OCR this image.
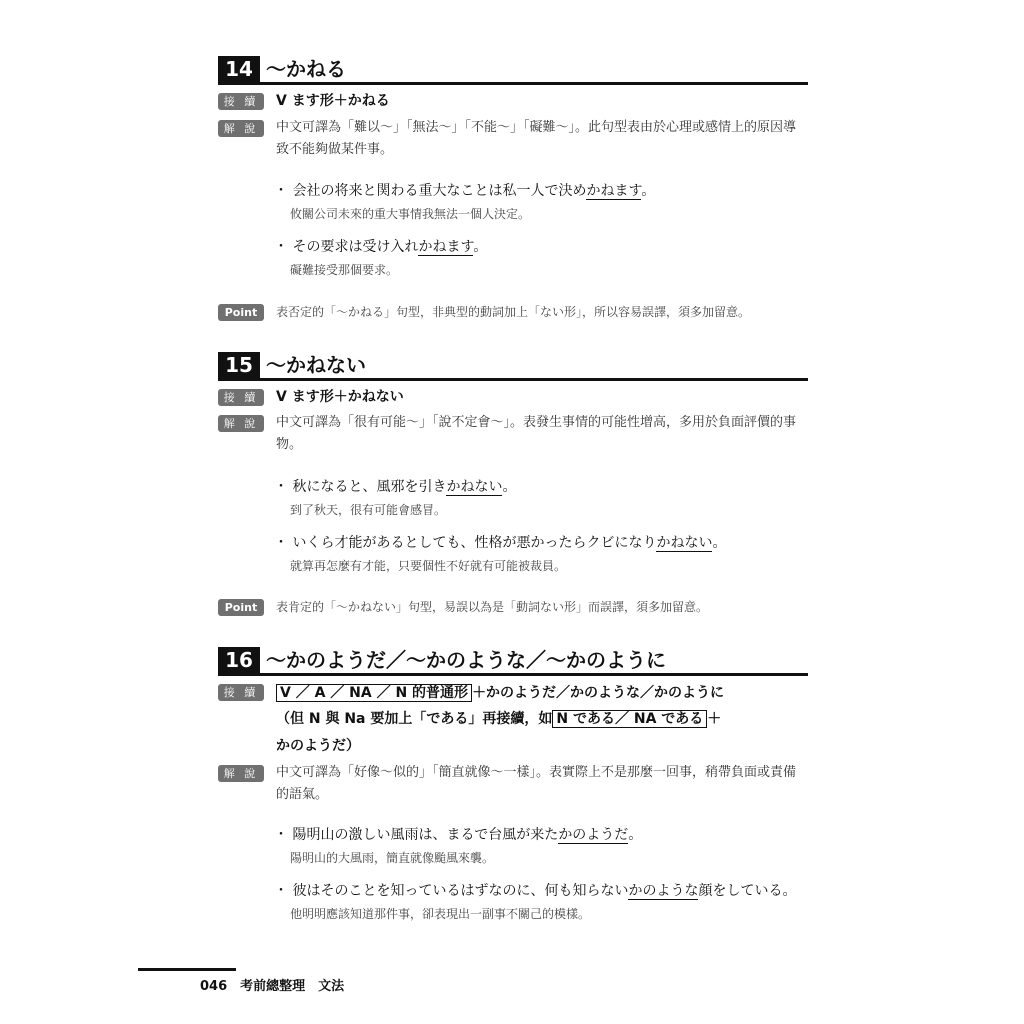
14 ～かねる
接 續	V ます形＋かねる
解 說	中文可譯為「難以～」「無法～」「不能～」「礙難～」。此句型表由於心理或感情上的原因導致不能夠做某件事。
・ 会社の将来と関わる重大なことは私一人で決めかねます。
攸關公司未來的重大事情我無法一個人決定。
・ その要求は受け入れかねます。
礙難接受那個要求。
Point	表否定的「～かねる」句型，非典型的動詞加上「ない形」，所以容易誤譯，須多加留意。
15 ～かねない
接 續	V ます形＋かねない
解 說	中文可譯為「很有可能～」「說不定會～」。表發生事情的可能性增高，多用於負面評價的事物。
・ 秋になると、風邪を引きかねない。
到了秋天，很有可能會感冒。
・ いくら才能があるとしても、性格が悪かったらクビになりかねない。
就算再怎麼有才能，只要個性不好就有可能被裁員。
Point	表肯定的「～かねない」句型，易誤以為是「動詞ない形」而誤譯，須多加留意。
16 ～かのようだ／～かのような／～かのように
接 續	V ／ A ／ NA ／ N 的普通形 ＋かのようだ／かのような／かのように
（但 N 與 Na 要加上「である」再接續，如 N である／ NA である ＋
かのようだ）
解 說	中文可譯為「好像～似的」「簡直就像～一樣」。表實際上不是那麼一回事，稍帶負面或責備的語氣。
・ 陽明山の激しい風雨は、まるで台風が来たかのようだ。
陽明山的大風雨，簡直就像颱風來襲。
・ 彼はそのことを知っているはずなのに、何も知らないかのような顔をしている。
他明明應該知道那件事，卻表現出一副事不關己的模樣。
046　 考前總整理　文法
